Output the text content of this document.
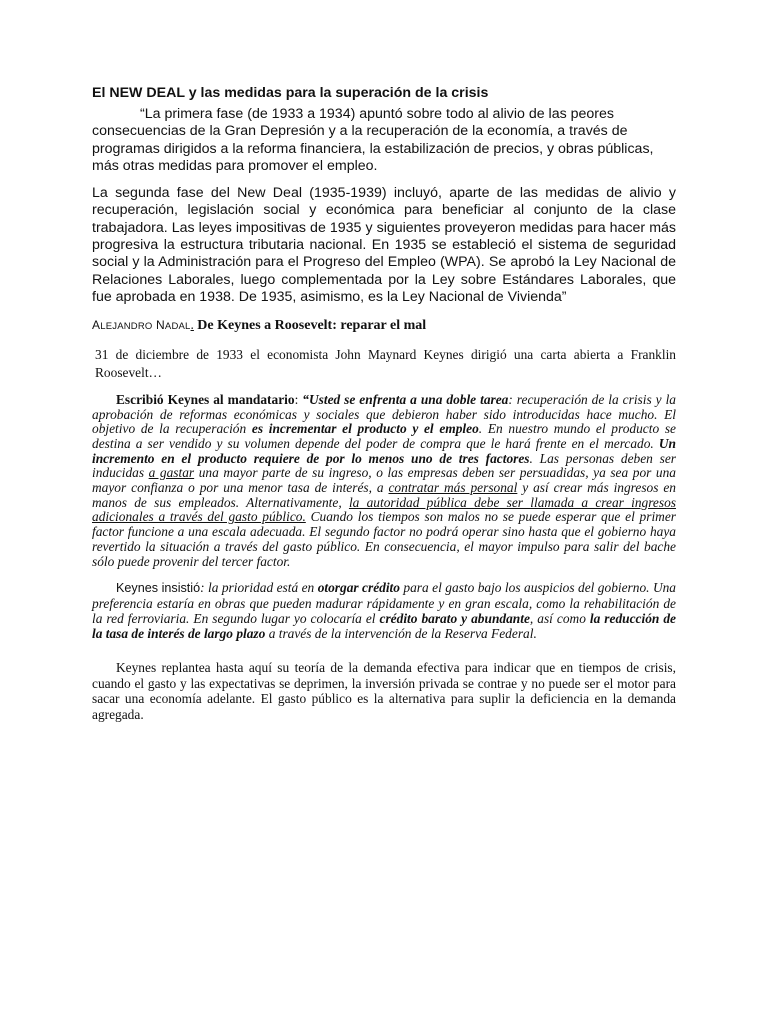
El NEW DEAL y las medidas para la superación de la crisis

“La primera fase (de 1933 a 1934) apuntó sobre todo al alivio de las peores consecuencias de la Gran Depresión y a la recuperación de la economía, a través de programas dirigidos a la reforma financiera, la estabilización de precios, y obras públicas, más otras medidas para promover el empleo.

La segunda fase del New Deal (1935-1939) incluyó, aparte de las medidas de alivio y recuperación, legislación social y económica para beneficiar al conjunto de la clase trabajadora. Las leyes impositivas de 1935 y siguientes proveyeron medidas para hacer más progresiva la estructura tributaria nacional. En 1935 se estableció el sistema de seguridad social y la Administración para el Progreso del Empleo (WPA). Se aprobó la Ley Nacional de Relaciones Laborales, luego complementada por la Ley sobre Estándares Laborales, que fue aprobada en 1938. De 1935, asimismo, es la Ley Nacional de Vivienda”

ALEJANDRO NADAL. De Keynes a Roosevelt: reparar el mal

31 de diciembre de 1933 el economista John Maynard Keynes dirigió una carta abierta a Franklin Roosevelt…

Escribió Keynes al mandatario: “Usted se enfrenta a una doble tarea: recuperación de la crisis y la aprobación de reformas económicas y sociales que debieron haber sido introducidas hace mucho. El objetivo de la recuperación es incrementar el producto y el empleo. En nuestro mundo el producto se destina a ser vendido y su volumen depende del poder de compra que le hará frente en el mercado. Un incremento en el producto requiere de por lo menos uno de tres factores. Las personas deben ser inducidas a gastar una mayor parte de su ingreso, o las empresas deben ser persuadidas, ya sea por una mayor confianza o por una menor tasa de interés, a contratar más personal y así crear más ingresos en manos de sus empleados. Alternativamente, la autoridad pública debe ser llamada a crear ingresos adicionales a través del gasto público. Cuando los tiempos son malos no se puede esperar que el primer factor funcione a una escala adecuada. El segundo factor no podrá operar sino hasta que el gobierno haya revertido la situación a través del gasto público. En consecuencia, el mayor impulso para salir del bache sólo puede provenir del tercer factor.

Keynes insistió: la prioridad está en otorgar crédito para el gasto bajo los auspicios del gobierno. Una preferencia estaría en obras que pueden madurar rápidamente y en gran escala, como la rehabilitación de la red ferroviaria. En segundo lugar yo colocaría el crédito barato y abundante, así como la reducción de la tasa de interés de largo plazo a través de la intervención de la Reserva Federal.

Keynes replantea hasta aquí su teoría de la demanda efectiva para indicar que en tiempos de crisis, cuando el gasto y las expectativas se deprimen, la inversión privada se contrae y no puede ser el motor para sacar una economía adelante. El gasto público es la alternativa para suplir la deficiencia en la demanda agregada.
